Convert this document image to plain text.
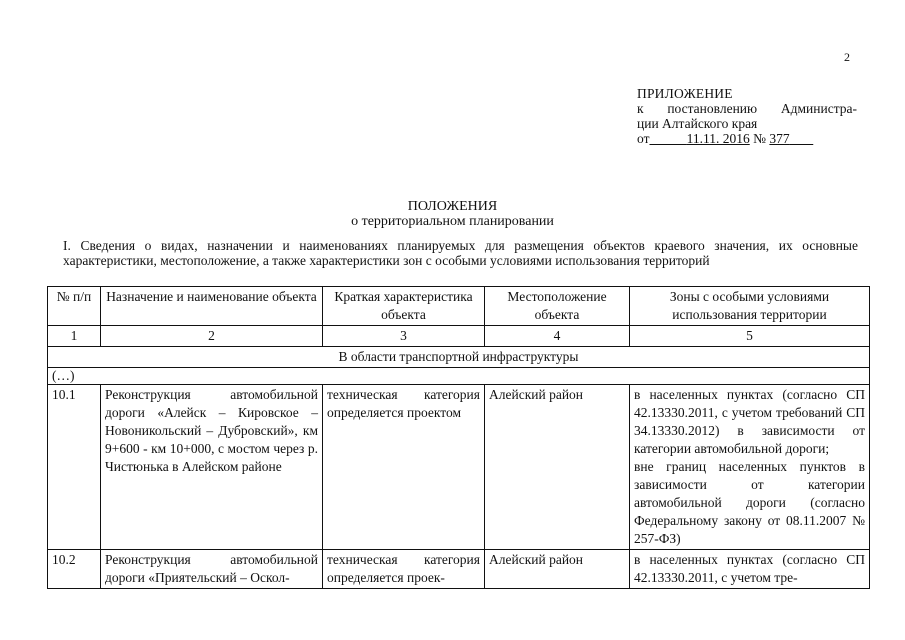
2
ПРИЛОЖЕНИЕ
к постановлению Администра-
ции Алтайского края
от	11.11. 2016 № 377
ПОЛОЖЕНИЯ
о территориальном планировании
I. Сведения о видах, назначении и наименованиях планируемых для размещения объектов краевого значения, их основные характеристики, местоположение, а также характеристики зон с особыми условиями использования территорий
№ п/п	Назначение и наименование объекта	Краткая характеристика объекта	Местоположение объекта	Зоны с особыми условиями использования территории
1	2	3	4	5
В области транспортной инфраструктуры				
(…)				
10.1	Реконструкция автомобильной дороги «Алейск – Кировское – Новоникольский – Дубровский», км 9+600 - км 10+000, с мостом через р. Чистюнька в Алейском районе	техническая категория определяется проектом	Алейский район	в населенных пунктах (согласно СП 42.13330.2011, с учетом требований СП 34.13330.2012) в зависимости от категории автомобильной дороги;
вне границ населенных пунктов в зависимости от категории автомобильной дороги (согласно Федеральному закону от 08.11.2007 № 257-ФЗ)

10.2	Реконструкция автомобильной дороги «Приятельский – Оскол-	техническая категория определяется проек-	Алейский район	в населенных пунктах (согласно СП 42.13330.2011, с учетом тре-
